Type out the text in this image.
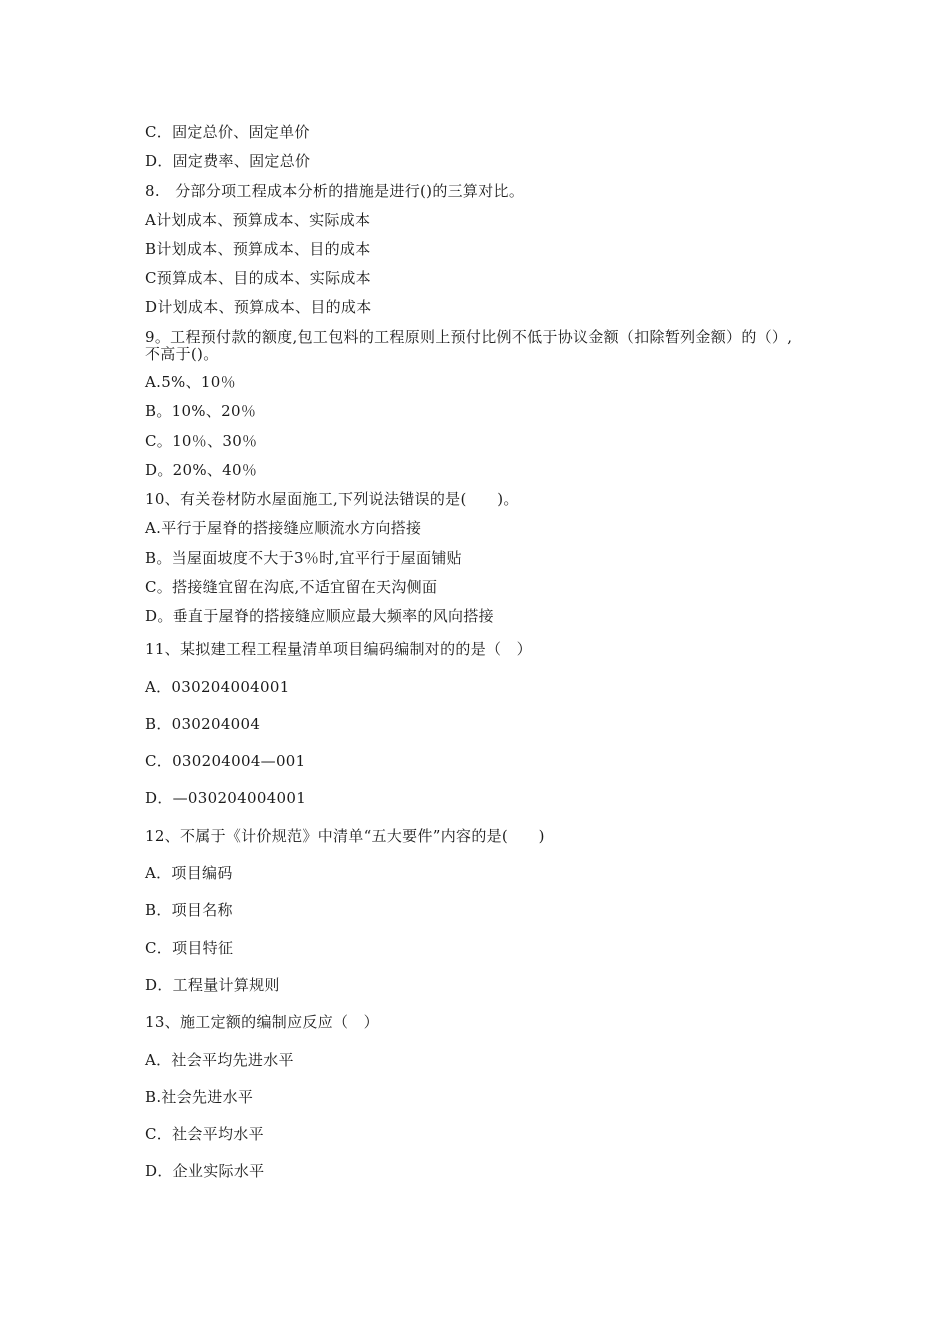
C．固定总价、固定单价
D．固定费率、固定总价
8.　分部分项工程成本分析的措施是进行()的三算对比。
A计划成本、预算成本、实际成本
B计划成本、预算成本、目的成本
C预算成本、目的成本、实际成本
D计划成本、预算成本、目的成本
9。工程预付款的额度,包工包料的工程原则上预付比例不低于协议金额（扣除暂列金额）的（）,不高于()。
A.5%、10％
B。10%、20％
C。10％、30％
D。20%、40％
10、有关卷材防水屋面施工,下列说法错误的是(　　)。
A.平行于屋脊的搭接缝应顺流水方向搭接
B。当屋面坡度不大于3％时,宜平行于屋面铺贴
C。搭接缝宜留在沟底,不适宜留在天沟侧面
D。垂直于屋脊的搭接缝应顺应最大频率的风向搭接
11、某拟建工程工程量清单项目编码编制对的的是（　）
A．030204004001
B．030204004
C．030204004—001
D．—030204004001
12、不属于《计价规范》中清单“五大要件”内容的是(　　)
A．项目编码
B．项目名称
C．项目特征
D．工程量计算规则
13、施工定额的编制应反应（　）
A．社会平均先进水平
B.社会先进水平
C．社会平均水平
D．企业实际水平
